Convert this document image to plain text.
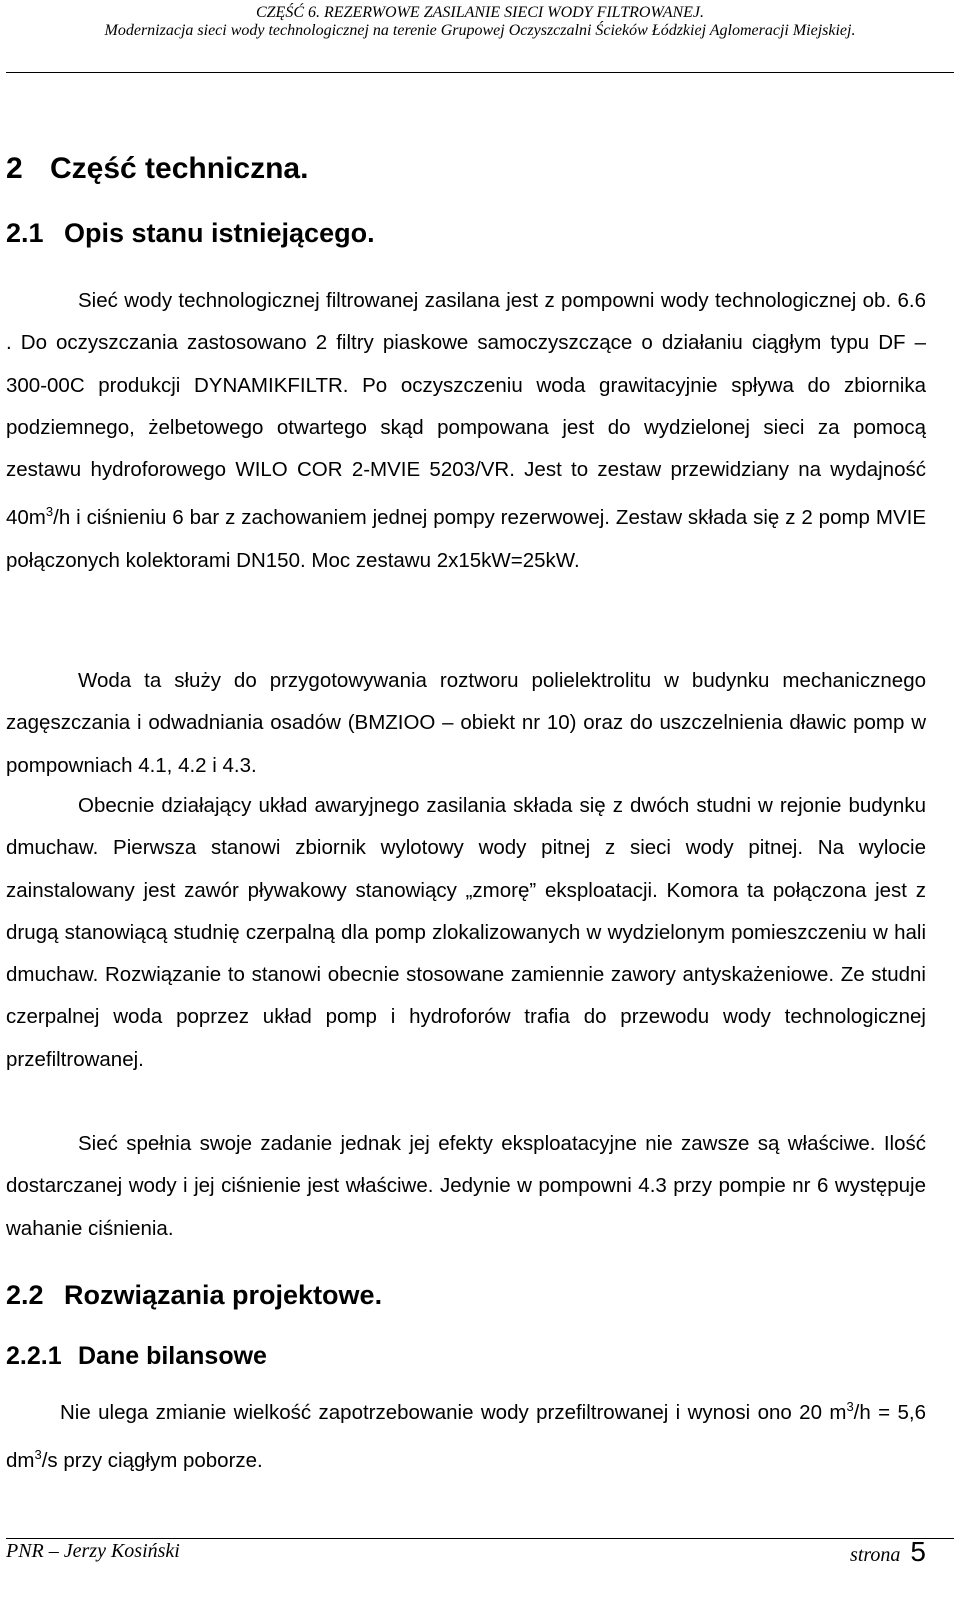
CZĘŚĆ 6. REZERWOWE ZASILANIE SIECI WODY FILTROWANEJ.
Modernizacja sieci wody technologicznej na terenie Grupowej Oczyszczalni Ścieków Łódzkiej Aglomeracji Miejskiej.
2 Część techniczna.
2.1 Opis stanu istniejącego.

Sieć wody technologicznej filtrowanej zasilana jest z pompowni wody technologicznej ob. 6.6 . Do oczyszczania zastosowano 2 filtry piaskowe samoczyszczące o działaniu ciągłym typu DF – 300-00C produkcji DYNAMIKFILTR. Po oczyszczeniu woda grawitacyjnie spływa do zbiornika podziemnego, żelbetowego otwartego skąd pompowana jest do wydzielonej sieci za pomocą zestawu hydroforowego WILO COR 2-MVIE 5203/VR. Jest to zestaw przewidziany na wydajność $40m^3/h$ i ciśnieniu 6 bar z zachowaniem jednej pompy rezerwowej. Zestaw składa się z 2 pomp MVIE połączonych kolektorami DN150. Moc zestawu 2x15kW=25kW.

Woda ta służy do przygotowywania roztworu polielektrolitu w budynku mechanicznego zagęszczania i odwadniania osadów (BMZIOO – obiekt nr 10) oraz do uszczelnienia dławic pomp w pompowniach 4.1, 4.2 i 4.3.

Obecnie działający układ awaryjnego zasilania składa się z dwóch studni w rejonie budynku dmuchaw. Pierwsza stanowi zbiornik wylotowy wody pitnej z sieci wody pitnej. Na wylocie zainstalowany jest zawór pływakowy stanowiący „zmorę” eksploatacji. Komora ta połączona jest z drugą stanowiącą studnię czerpalną dla pomp zlokalizowanych w wydzielonym pomieszczeniu w hali dmuchaw. Rozwiązanie to stanowi obecnie stosowane zamiennie zawory antyskażeniowe. Ze studni czerpalnej woda poprzez układ pomp i hydroforów trafia do przewodu wody technologicznej przefiltrowanej.

Sieć spełnia swoje zadanie jednak jej efekty eksploatacyjne nie zawsze są właściwe. Ilość dostarczanej wody i jej ciśnienie jest właściwe. Jedynie w pompowni 4.3 przy pompie nr 6 występuje wahanie ciśnienia.

2.2 Rozwiązania projektowe.
2.2.1 Dane bilansowe

Nie ulega zmianie wielkość zapotrzebowanie wody przefiltrowanej i wynosi ono 20 $m^3/h = 5,6$ $dm^3/s$ przy ciągłym poborze.

PNR – Jerzy Kosiński	strona 5
